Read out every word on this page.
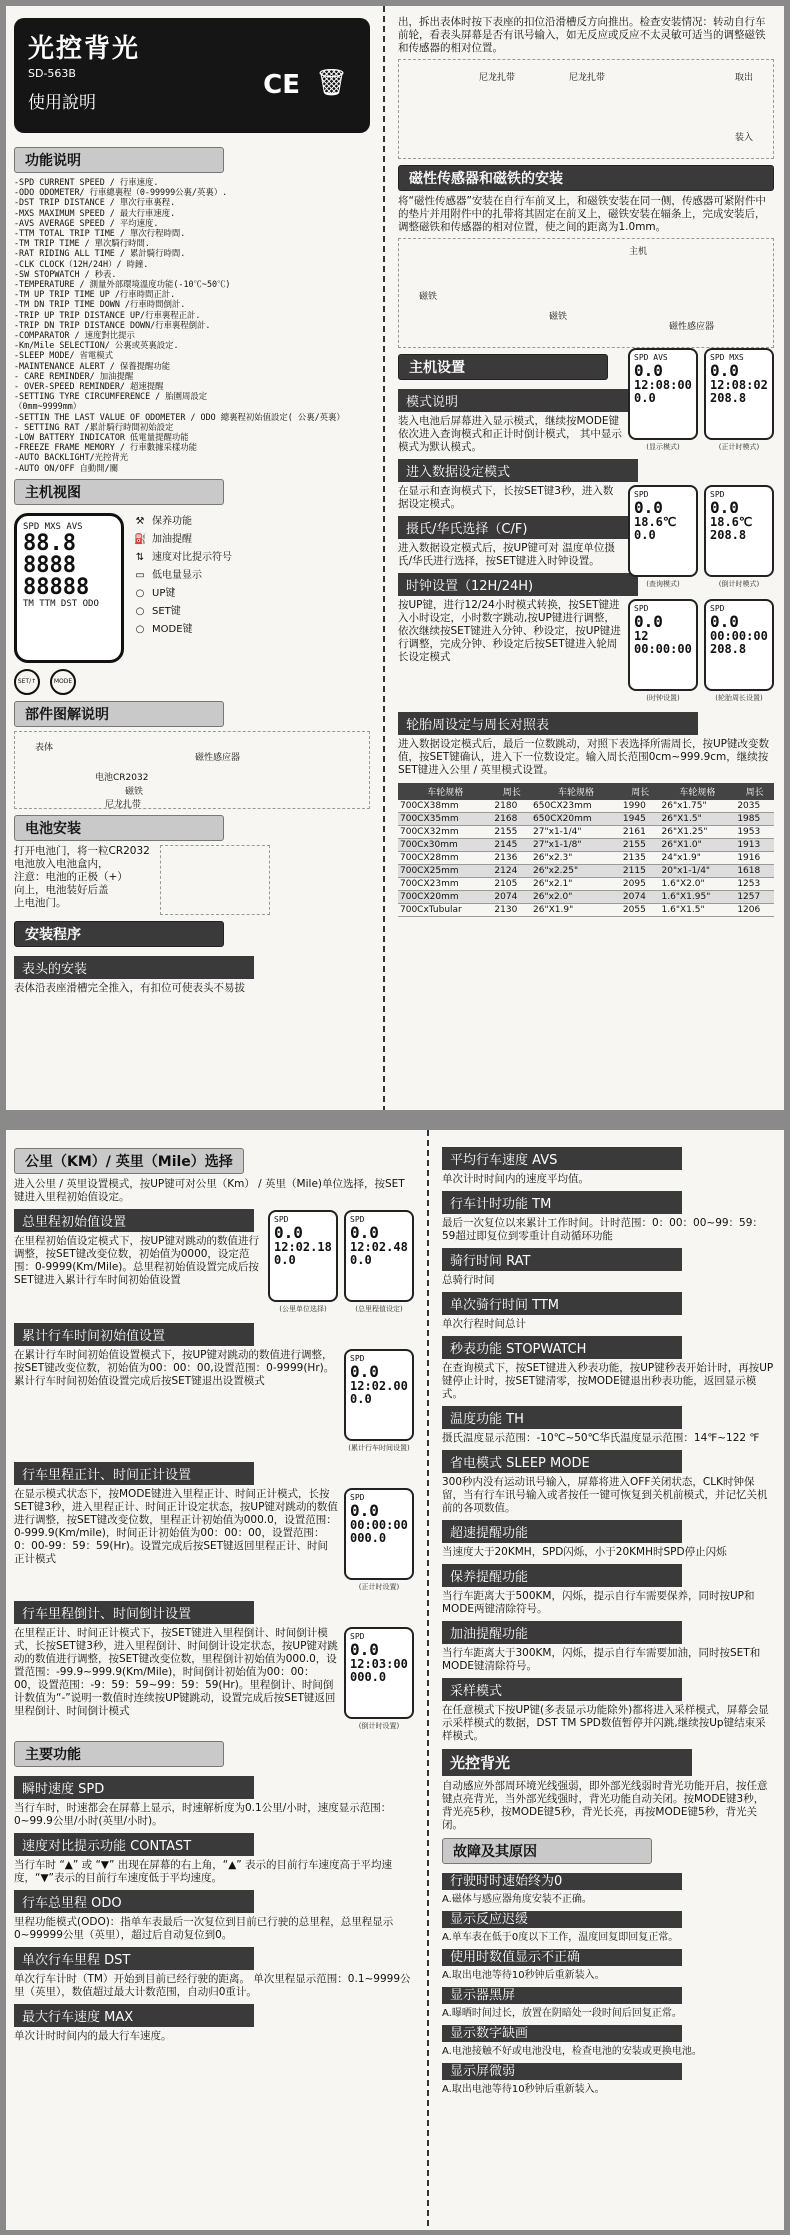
光控背光
SD-563B
使用說明
CE 🗑
功能说明
-SPD CURRENT SPEED / 行車速度.
-ODO ODOMETER/ 行車總裏程（0-99999公裏/英裏）.
-DST TRIP DISTANCE / 單次行車裏程.
-MXS MAXIMUM SPEED / 最大行車速度.
-AVS AVERAGE SPEED / 平均速度.
-TTM TOTAL TRIP TIME / 單次行程時間.
-TM TRIP TIME / 單次騎行時間.
-RAT RIDING ALL TIME / 累計騎行時間.
-CLK CLOCK（12H/24H）/ 時鐘.
-SW STOPWATCH / 秒表.
-TEMPERATURE / 測量外部環境溫度功能(-10℃~50℃)
-TM UP TRIP TIME UP /行車時間正計.
-TM DN TRIP TIME DOWN /行車時間倒計.
-TRIP UP TRIP DISTANCE UP/行車裏程正計.
-TRIP DN TRIP DISTANCE DOWN/行車裏程倒計.
-COMPARATOR / 速度對比提示
-Km/Mile SELECTION/ 公裏或英裏設定.
-SLEEP MODE/ 省電模式
-MAINTENANCE ALERT / 保養提醒功能
- CARE REMINDER/ 加油提醒
- OVER-SPEED REMINDER/ 超速提醒
-SETTING TYRE CIRCUMFERENCE / 胎圍周設定
（0mm~9999mm）
-SETTIN THE LAST VALUE OF ODOMETER / ODO 總裏程初始值設定( 公裏/英裏）
- SETTING RAT /累計騎行時間初始設定
-LOW BATTERY INDICATOR 低電量提醒功能
-FREEZE FRAME MEMORY / 行車數據采樣功能
-AUTO BACKLIGHT/光控背光
-AUTO ON/OFF 自動開/關
主机视图
SPD MXS AVS
88.8
8888
88888
TM TTM DST ODO
SET/↑	MODE
⚒ 保养功能
⛽ 加油提醒
⇅ 速度对比提示符号
▭ 低电量显示
○ UP键
○ SET键
○ MODE键
部件图解说明
表体
磁性感应器
电池CR2032
磁铁
尼龙扎带
电池安装
打开电池门，将一粒CR2032
电池放入电池盒内，
注意：电池的正极（+）
向上，电池装好后盖
上电池门。
安装程序
表头的安装
表体沿表座滑槽完全推入，有扣位可使表头不易拔
出，拆出表体时按下表座的扣位沿滑槽反方向推出。检查安装情况：转动自行车前轮，看表头屏幕是否有讯号输入，如无反应或反应不太灵敏可适当的调整磁铁和传感器的相对位置。
尼龙扎带	尼龙扎带	取出
装入
磁性传感器和磁铁的安装
将“磁性传感器”安装在自行车前叉上，和磁铁安装在同一侧，传感器可紧附件中的垫片并用附件中的扎带将其固定在前叉上，磁铁安装在辐条上，完成安装后，调整磁铁和传感器的相对位置，使之间的距离为1.0mm。
主机
磁铁
磁铁
磁性感应器
主机设置
SPD AVS
0.0
12:08:00
0.0
(显示模式)
SPD MXS
0.0
12:08:02
208.8
(正计时模式)
模式说明
装入电池后屏幕进入显示模式，继续按MODE键依次进入查询模式和正计时倒计模式， 其中显示模式为默认模式。
进入数据设定模式
SPD
0.0
18.6℃
0.0
(查询模式)
SPD
0.0
18.6℃
208.8
(倒计时模式)
在显示和查询模式下，长按SET键3秒，进入数据设定模式。
摄氏/华氏选择（C/F)
进入数据设定模式后，按UP键可对 温度单位摄氏/华氏进行选择，按SET键进入时钟设置。
时钟设置（12H/24H)
SPD
0.0
12
00:00:00
(时钟设置)
SPD
0.0
00:00:00
208.8
(轮胎周长设置)
按UP键，进行12/24小时模式转换，按SET键进入小时设定，小时数字跳动,按UP键进行调整，依次继续按SET键进入分钟、秒设定，按UP键进行调整，完成分钟、秒设定后按SET键进入轮周长设定模式
轮胎周设定与周长对照表
进入数据设定模式后，最后一位数跳动，对照下表选择所需周长，按UP键改变数值，按SET键确认，进入下一位数设定。输入周长范围0cm~999.9cm，继续按SET键进入公里 / 英里模式设置。
车轮规格	周长	车轮规格	周长	车轮规格	周长
700CX38mm	2180	650CX23mm	1990	26"x1.75"	2035
700CX35mm	2168	650CX20mm	1945	26"X1.5"	1985
700CX32mm	2155	27"x1-1/4"	2161	26"X1.25"	1953
700Cx30mm	2145	27"x1-1/8"	2155	26"X1.0"	1913
700CX28mm	2136	26"x2.3"	2135	24"x1.9"	1916
700CX25mm	2124	26"x2.25"	2115	20"x1-1/4"	1618
700CX23mm	2105	26"x2.1"	2095	1.6"X2.0"	1253
700CX20mm	2074	26"x2.0"	2074	1.6"X1.95"	1257
700CxTubular	2130	26"X1.9"	2055	1.6"X1.5"	1206
公里（KM）/ 英里（Mile）选择
进入公里 / 英里设置模式，按UP键可对公里（Km） / 英里（Mile)单位选择，按SET键进入里程初始值设定。
SPD
0.0
12:02.18
0.0
(公里单位选择)
SPD
0.0
12:02.48
0.0
(总里程值设定)
总里程初始值设置
在里程初始值设定模式下，按UP键对跳动的数值进行调整，按SET键改变位数，初始值为0000，设定范围：0-9999(Km/Mile)。总里程初始值设置完成后按SET键进入累计行车时间初始值设置
累计行车时间初始值设置
SPD
0.0
12:02.00
0.0
(累计行车时间设置)
在累计行车时间初始值设置模式下，按UP键对跳动的数值进行调整，按SET键改变位数，初始值为00：00：00,设置范围：0-9999(Hr)。累计行车时间初始值设置完成后按SET键退出设置模式
行车里程正计、时间正计设置
SPD
0.0
00:00:00
000.0
(正计时设置)
在显示模式状态下，按MODE键进入里程正计、时间正计模式，长按SET键3秒，进入里程正计、时间正计设定状态，按UP键对跳动的数值进行调整，按SET键改变位数，里程正计初始值为000.0，设置范围：0-999.9(Km/mile)，时间正计初始值为00：00：00，设置范围：0：00-99：59：59(Hr)。设置完成后按SET键返回里程正计、时间正计模式
行车里程倒计、时间倒计设置
SPD
0.0
12:03:00
000.0
(倒计时设置)
在里程正计、时间正计模式下，按SET键进入里程倒计、时间倒计模式，长按SET键3秒，进入里程倒计、时间倒计设定状态，按UP键对跳动的数值进行调整，按SET键改变位数，里程倒计初始值为000.0，设置范围：-99.9~999.9(Km/Mile)，时间倒计初始值为00：00：00，设置范围：-9：59：59~99：59：59(Hr)。里程倒计、时间倒计数值为“-”说明一数值时连续按UP键跳动，设置完成后按SET键返回里程倒计、时间倒计模式
主要功能
瞬时速度 SPD
当行车时，时速都会在屏幕上显示，时速解析度为0.1公里/小时，速度显示范围：0~99.9公里/小时(英里/小时)。
速度对比提示功能 CONTAST
当行车时 “▲” 或 “▼” 出现在屏幕的右上角，“▲” 表示的目前行车速度高于平均速度，“▼”表示的目前行车速度低于平均速度。
行车总里程 ODO
里程功能模式(ODO)：指单车表最后一次复位到目前已行驶的总里程，总里程显示0~99999公里（英里），超过后自动复位到0。
单次行车里程 DST
单次行车计时（TM）开始到目前已经行驶的距离。 单次里程显示范围：0.1~9999公里（英里），数值超过最大计数范围，自动归0重计。
最大行车速度 MAX
单次计时时间内的最大行车速度。
平均行车速度 AVS
单次计时时间内的速度平均值。
行车计时功能 TM
最后一次复位以来累计工作时间。计时范围：0：00：00~99：59：59超过即复位到零重计自动循环功能
骑行时间 RAT
总骑行时间
单次骑行时间 TTM
单次行程时间总计
秒表功能 STOPWATCH
在查询模式下，按SET键进入秒表功能，按UP键秒表开始计时，再按UP键停止计时，按SET键清零，按MODE键退出秒表功能，返回显示模式。
温度功能 TH
摄氏温度显示范围：-10℃~50℃华氏温度显示范围：14℉~122 ℉
省电模式 SLEEP MODE
300秒内没有运动讯号输入，屏幕将进入OFF关闭状态，CLK时钟保留，当有行车讯号输入或者按任一键可恢复到关机前模式，并记忆关机前的各项数值。
超速提醒功能
当速度大于20KMH，SPD闪烁，小于20KMH时SPD停止闪烁
保养提醒功能
当行车距离大于500KM，闪烁，提示自行车需要保养，同时按UP和MODE两键清除符号。
加油提醒功能
当行车距离大于300KM，闪烁，提示自行车需要加油，同时按SET和MODE键清除符号。
采样模式
在任意模式下按UP键(多表显示功能除外)都将进入采样模式，屏幕会显示采样模式的数据，DST TM SPD数值暂停并闪跳,继续按Up键结束采样模式。
光控背光
自动感应外部周环境光线强弱，即外部光线弱时背光功能开启，按任意键点亮背光，当外部光线强时，背光功能自动关闭。按MODE键3秒，背光亮5秒，按MODE键5秒，背光长亮，再按MODE键5秒，背光关闭。
故障及其原因
行驶时时速始终为0
A.磁体与感应器角度安装不正确。
显示反应迟缓
A.单车表在低于0度以下工作，温度回复即回复正常。
使用时数值显示不正确
A.取出电池等待10秒钟后重新装入。
显示器黑屏
A.曝晒时间过长，放置在阴暗处一段时间后回复正常。
显示数字缺画
A.电池接触不好或电池没电，检查电池的安装或更换电池。
显示屏微弱
A.取出电池等待10秒钟后重新装入。
